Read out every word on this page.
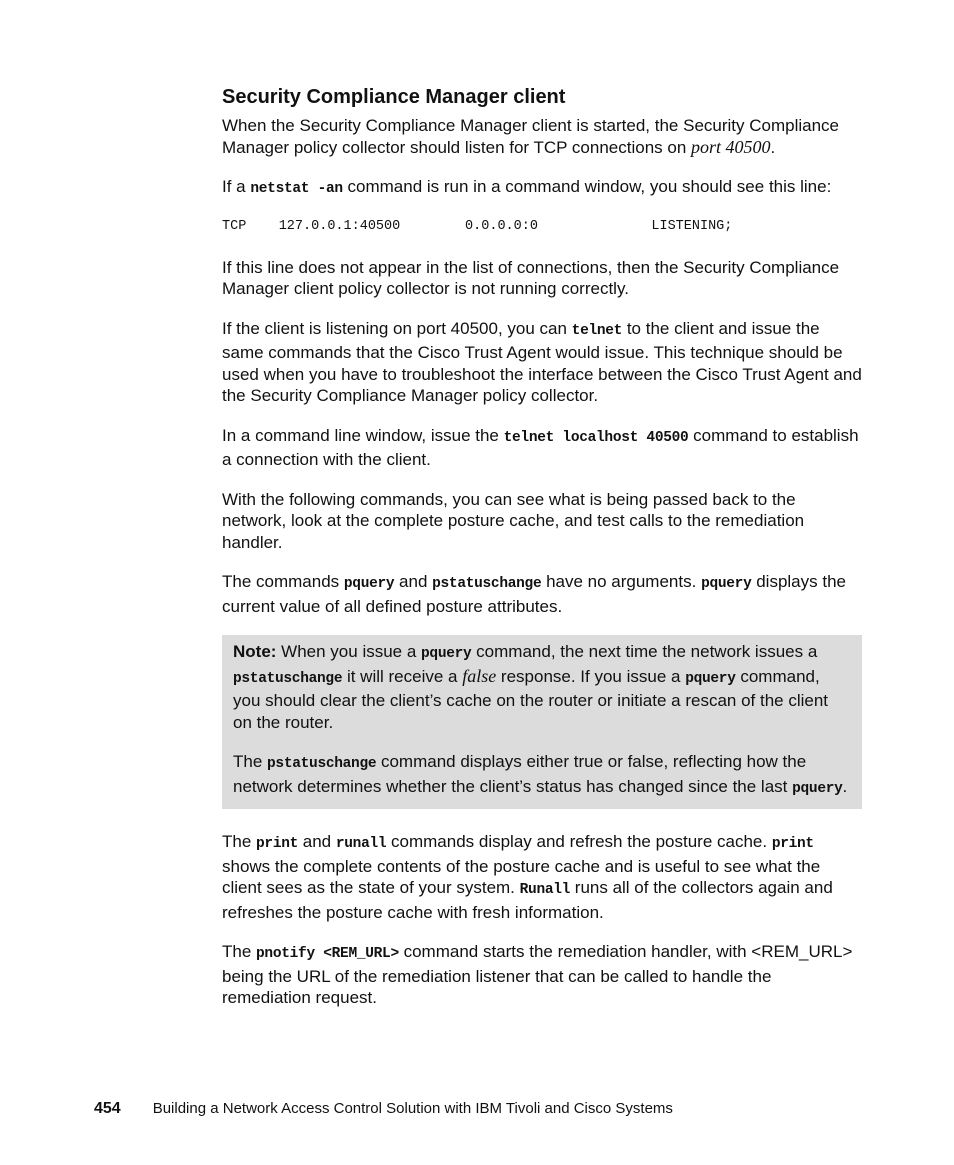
Security Compliance Manager client

When the Security Compliance Manager client is started, the Security Compliance Manager policy collector should listen for TCP connections on port 40500.

If a netstat -an command is run in a command window, you should see this line:

TCP    127.0.0.1:40500        0.0.0.0:0              LISTENING;

If this line does not appear in the list of connections, then the Security Compliance Manager client policy collector is not running correctly.

If the client is listening on port 40500, you can telnet to the client and issue the same commands that the Cisco Trust Agent would issue. This technique should be used when you have to troubleshoot the interface between the Cisco Trust Agent and the Security Compliance Manager policy collector.

In a command line window, issue the telnet localhost 40500 command to establish a connection with the client.

With the following commands, you can see what is being passed back to the network, look at the complete posture cache, and test calls to the remediation handler.

The commands pquery and pstatuschange have no arguments. pquery displays the current value of all defined posture attributes.

Note: When you issue a pquery command, the next time the network issues a pstatuschange it will receive a false response. If you issue a pquery command, you should clear the client’s cache on the router or initiate a rescan of the client on the router.

The pstatuschange command displays either true or false, reflecting how the network determines whether the client’s status has changed since the last pquery.

The print and runall commands display and refresh the posture cache. print shows the complete contents of the posture cache and is useful to see what the client sees as the state of your system. Runall runs all of the collectors again and refreshes the posture cache with fresh information.

The pnotify <REM_URL> command starts the remediation handler, with <REM_URL> being the URL of the remediation listener that can be called to handle the remediation request.

454 Building a Network Access Control Solution with IBM Tivoli and Cisco Systems
